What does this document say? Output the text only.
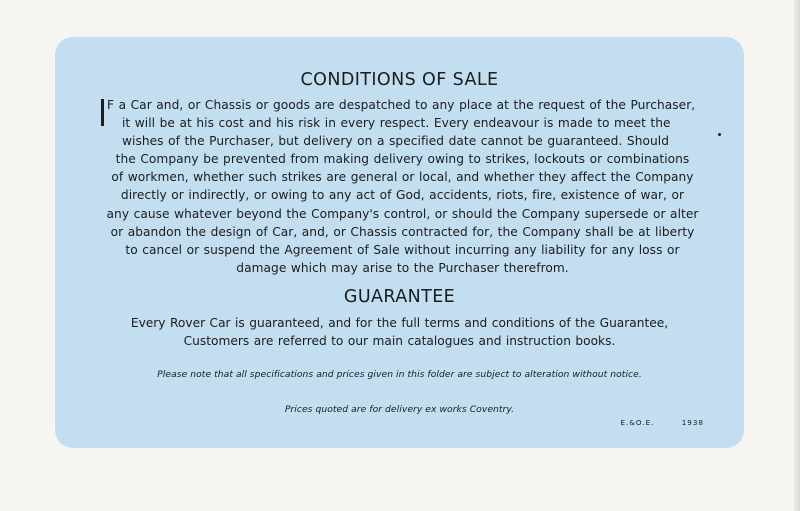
CONDITIONS OF SALE
F a Car and, or Chassis or goods are despatched to any place at the request of the Purchaser,
it will be at his cost and his risk in every respect. Every endeavour is made to meet the
wishes of the Purchaser, but delivery on a specified date cannot be guaranteed. Should
the Company be prevented from making delivery owing to strikes, lockouts or combinations
of workmen, whether such strikes are general or local, and whether they affect the Company
directly or indirectly, or owing to any act of God, accidents, riots, fire, existence of war, or
any cause whatever beyond the Company's control, or should the Company supersede or alter
or abandon the design of Car, and, or Chassis contracted for, the Company shall be at liberty
to cancel or suspend the Agreement of Sale without incurring any liability for any loss or
damage which may arise to the Purchaser therefrom.
GUARANTEE
Every Rover Car is guaranteed, and for the full terms and conditions of the Guarantee,
Customers are referred to our main catalogues and instruction books.
Please note that all specifications and prices given in this folder are subject to alteration without notice.
Prices quoted are for delivery ex works Coventry.
E.&O.E.	1938
